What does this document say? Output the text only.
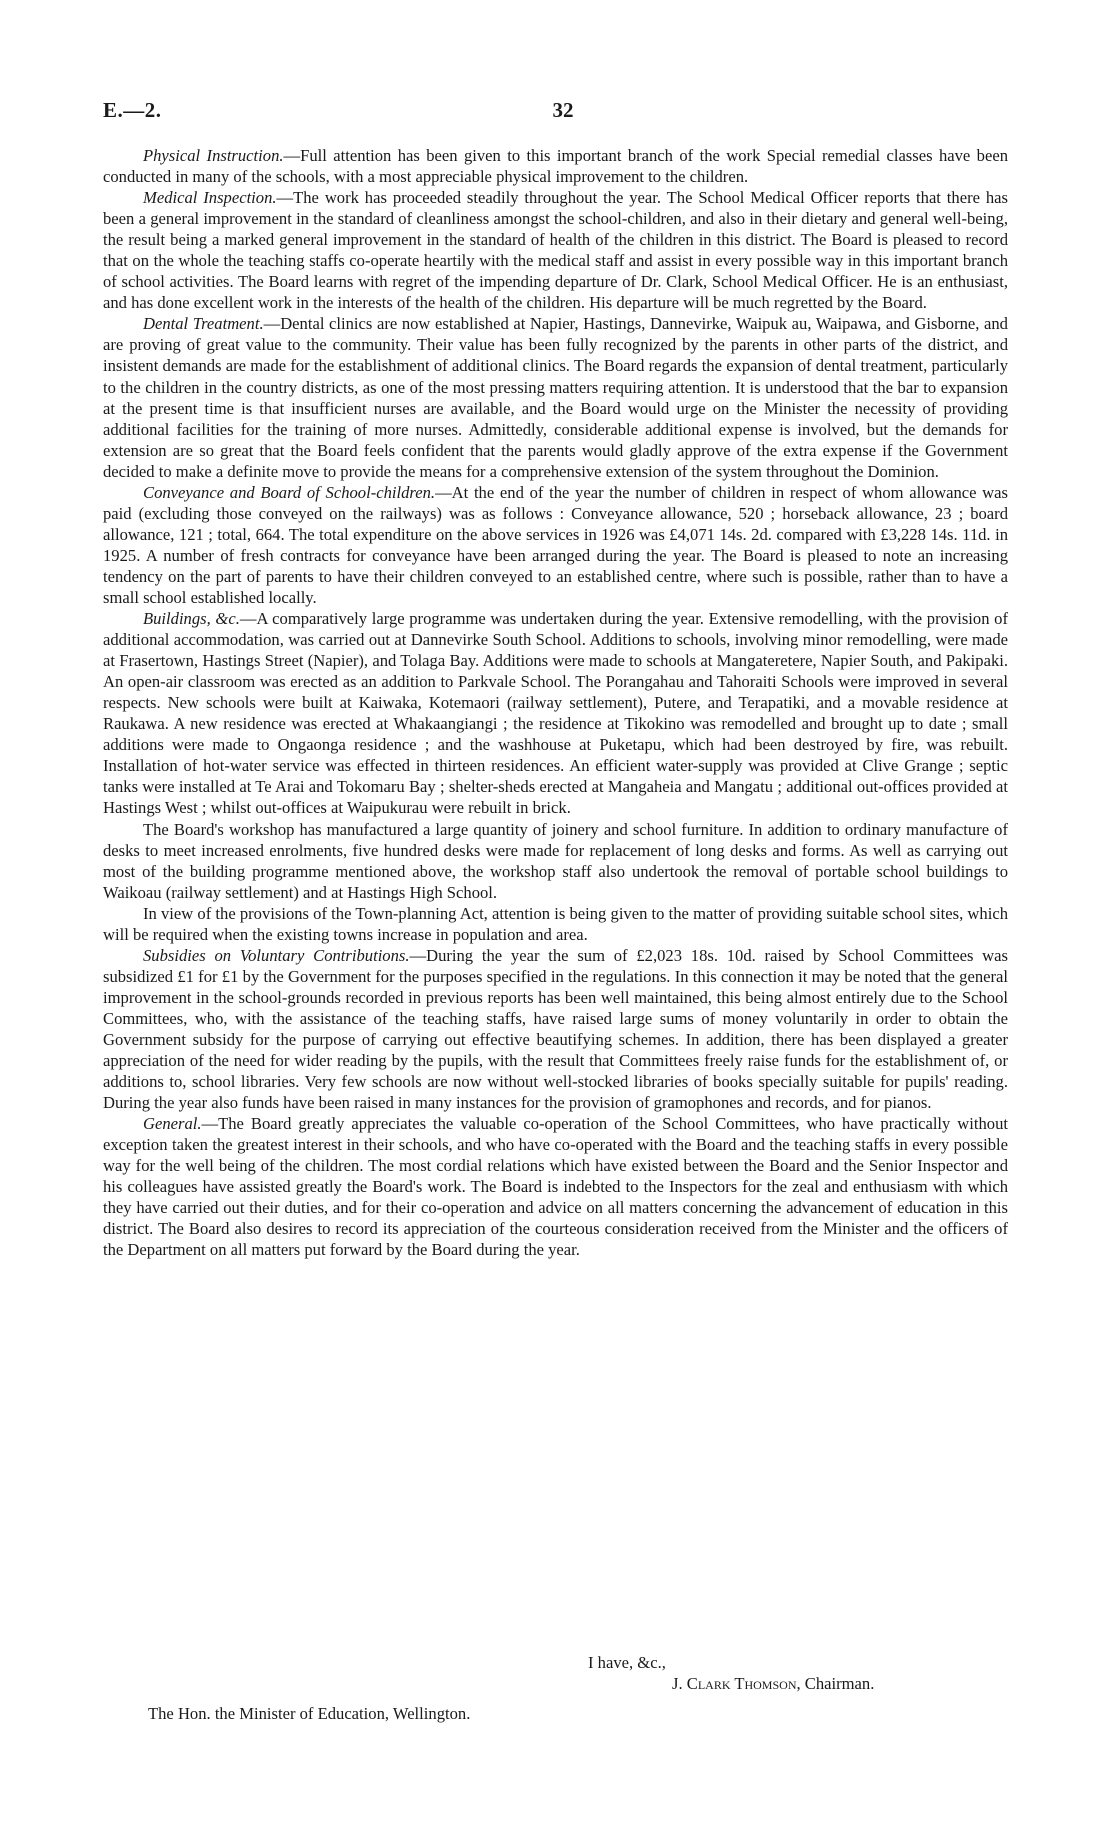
E.—2.	32

Physical Instruction.—Full attention has been given to this important branch of the work Special remedial classes have been conducted in many of the schools, with a most appreciable physical improvement to the children.

Medical Inspection.—The work has proceeded steadily throughout the year. The School Medical Officer reports that there has been a general improvement in the standard of cleanliness amongst the school-children, and also in their dietary and general well-being, the result being a marked general improvement in the standard of health of the children in this district. The Board is pleased to record that on the whole the teaching staffs co-operate heartily with the medical staff and assist in every possible way in this important branch of school activities. The Board learns with regret of the impending departure of Dr. Clark, School Medical Officer. He is an enthusiast, and has done excellent work in the interests of the health of the children. His departure will be much regretted by the Board.

Dental Treatment.—Dental clinics are now established at Napier, Hastings, Dannevirke, Waipuk au, Waipawa, and Gisborne, and are proving of great value to the community. Their value has been fully recognized by the parents in other parts of the district, and insistent demands are made for the establishment of additional clinics. The Board regards the expansion of dental treatment, particularly to the children in the country districts, as one of the most pressing matters requiring attention. It is understood that the bar to expansion at the present time is that insufficient nurses are available, and the Board would urge on the Minister the necessity of providing additional facilities for the training of more nurses. Admittedly, considerable additional expense is involved, but the demands for extension are so great that the Board feels confident that the parents would gladly approve of the extra expense if the Government decided to make a definite move to provide the means for a comprehensive extension of the system throughout the Dominion.

Conveyance and Board of School-children.—At the end of the year the number of children in respect of whom allowance was paid (excluding those conveyed on the railways) was as follows : Conveyance allowance, 520 ; horseback allowance, 23 ; board allowance, 121 ; total, 664. The total expenditure on the above services in 1926 was £4,071 14s. 2d. compared with £3,228 14s. 11d. in 1925. A number of fresh contracts for conveyance have been arranged during the year. The Board is pleased to note an increasing tendency on the part of parents to have their children conveyed to an established centre, where such is possible, rather than to have a small school established locally.

Buildings, &c.—A comparatively large programme was undertaken during the year. Extensive remodelling, with the provision of additional accommodation, was carried out at Dannevirke South School. Additions to schools, involving minor remodelling, were made at Frasertown, Hastings Street (Napier), and Tolaga Bay. Additions were made to schools at Mangateretere, Napier South, and Pakipaki. An open-air classroom was erected as an addition to Parkvale School. The Porangahau and Tahoraiti Schools were improved in several respects. New schools were built at Kaiwaka, Kotemaori (railway settlement), Putere, and Terapatiki, and a movable residence at Raukawa. A new residence was erected at Whakaangiangi ; the residence at Tikokino was remodelled and brought up to date ; small additions were made to Ongaonga residence ; and the washhouse at Puketapu, which had been destroyed by fire, was rebuilt. Installation of hot-water service was effected in thirteen residences. An efficient water-supply was provided at Clive Grange ; septic tanks were installed at Te Arai and Tokomaru Bay ; shelter-sheds erected at Mangaheia and Mangatu ; additional out-offices provided at Hastings West ; whilst out-offices at Waipukurau were rebuilt in brick.

The Board's workshop has manufactured a large quantity of joinery and school furniture. In addition to ordinary manufacture of desks to meet increased enrolments, five hundred desks were made for replacement of long desks and forms. As well as carrying out most of the building programme mentioned above, the workshop staff also undertook the removal of portable school buildings to Waikoau (railway settlement) and at Hastings High School.

In view of the provisions of the Town-planning Act, attention is being given to the matter of providing suitable school sites, which will be required when the existing towns increase in population and area.

Subsidies on Voluntary Contributions.—During the year the sum of £2,023 18s. 10d. raised by School Committees was subsidized £1 for £1 by the Government for the purposes specified in the regulations. In this connection it may be noted that the general improvement in the school-grounds recorded in previous reports has been well maintained, this being almost entirely due to the School Committees, who, with the assistance of the teaching staffs, have raised large sums of money voluntarily in order to obtain the Government subsidy for the purpose of carrying out effective beautifying schemes. In addition, there has been displayed a greater appreciation of the need for wider reading by the pupils, with the result that Committees freely raise funds for the establishment of, or additions to, school libraries. Very few schools are now without well-stocked libraries of books specially suitable for pupils' reading. During the year also funds have been raised in many instances for the provision of gramophones and records, and for pianos.

General.—The Board greatly appreciates the valuable co-operation of the School Committees, who have practically without exception taken the greatest interest in their schools, and who have co-operated with the Board and the teaching staffs in every possible way for the well being of the children. The most cordial relations which have existed between the Board and the Senior Inspector and his colleagues have assisted greatly the Board's work. The Board is indebted to the Inspectors for the zeal and enthusiasm with which they have carried out their duties, and for their co-operation and advice on all matters concerning the advancement of education in this district. The Board also desires to record its appreciation of the courteous consideration received from the Minister and the officers of the Department on all matters put forward by the Board during the year.

I have, &c.,
J. Clark Thomson, Chairman.
The Hon. the Minister of Education, Wellington.
